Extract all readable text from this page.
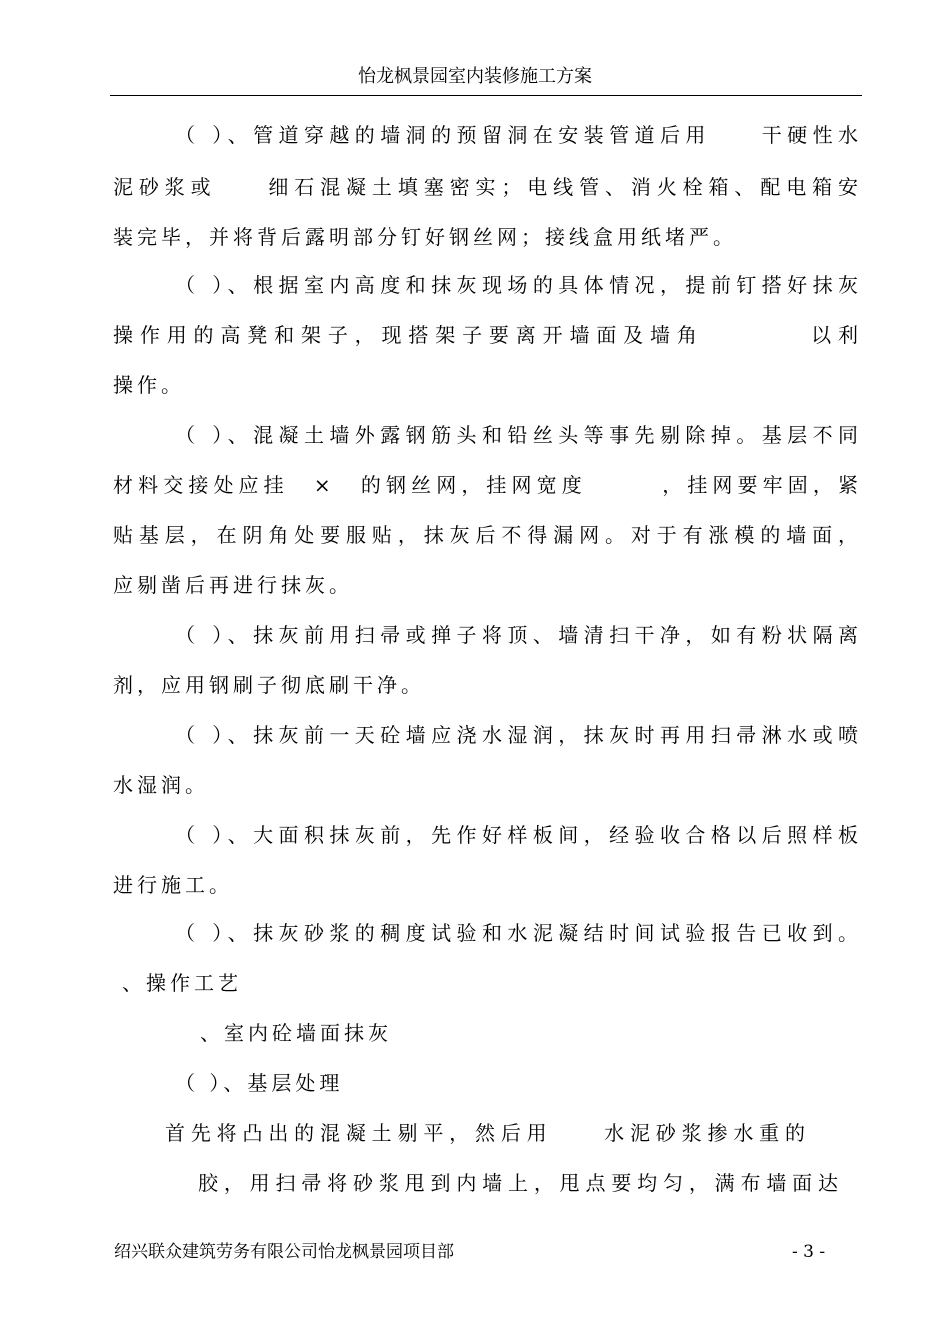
怡龙枫景园室内装修施工方案
（ ）、管道穿越的墙洞的预留洞在安装管道后用　　干硬性水
泥砂浆或　　细石混凝土填塞密实；电线管、消火栓箱、配电箱安
装完毕，并将背后露明部分钉好钢丝网；接线盒用纸堵严。
（ ）、根据室内高度和抹灰现场的具体情况，提前钉搭好抹灰
操作用的高凳和架子，现搭架子要离开墙面及墙角　　　　以利
操作。
（ ）、混凝土墙外露钢筋头和铅丝头等事先剔除掉。基层不同
材料交接处应挂　×　的钢丝网，挂网宽度　　　，挂网要牢固，紧
贴基层，在阴角处要服贴，抹灰后不得漏网。对于有涨模的墙面，
应剔凿后再进行抹灰。
（ ）、抹灰前用扫帚或掸子将顶、墙清扫干净，如有粉状隔离
剂，应用钢刷子彻底刷干净。
（ ）、抹灰前一天砼墙应浇水湿润，抹灰时再用扫帚淋水或喷
水湿润。
（ ）、大面积抹灰前，先作好样板间，经验收合格以后照样板
进行施工。
（ ）、抹灰砂浆的稠度试验和水泥凝结时间试验报告已收到。
、操作工艺
、室内砼墙面抹灰
（ ）、基层处理
首先将凸出的混凝土剔平，然后用　　水泥砂浆掺水重的
胶，用扫帚将砂浆甩到内墙上，甩点要均匀，满布墙面达
绍兴联众建筑劳务有限公司怡龙枫景园项目部	- 3 -
